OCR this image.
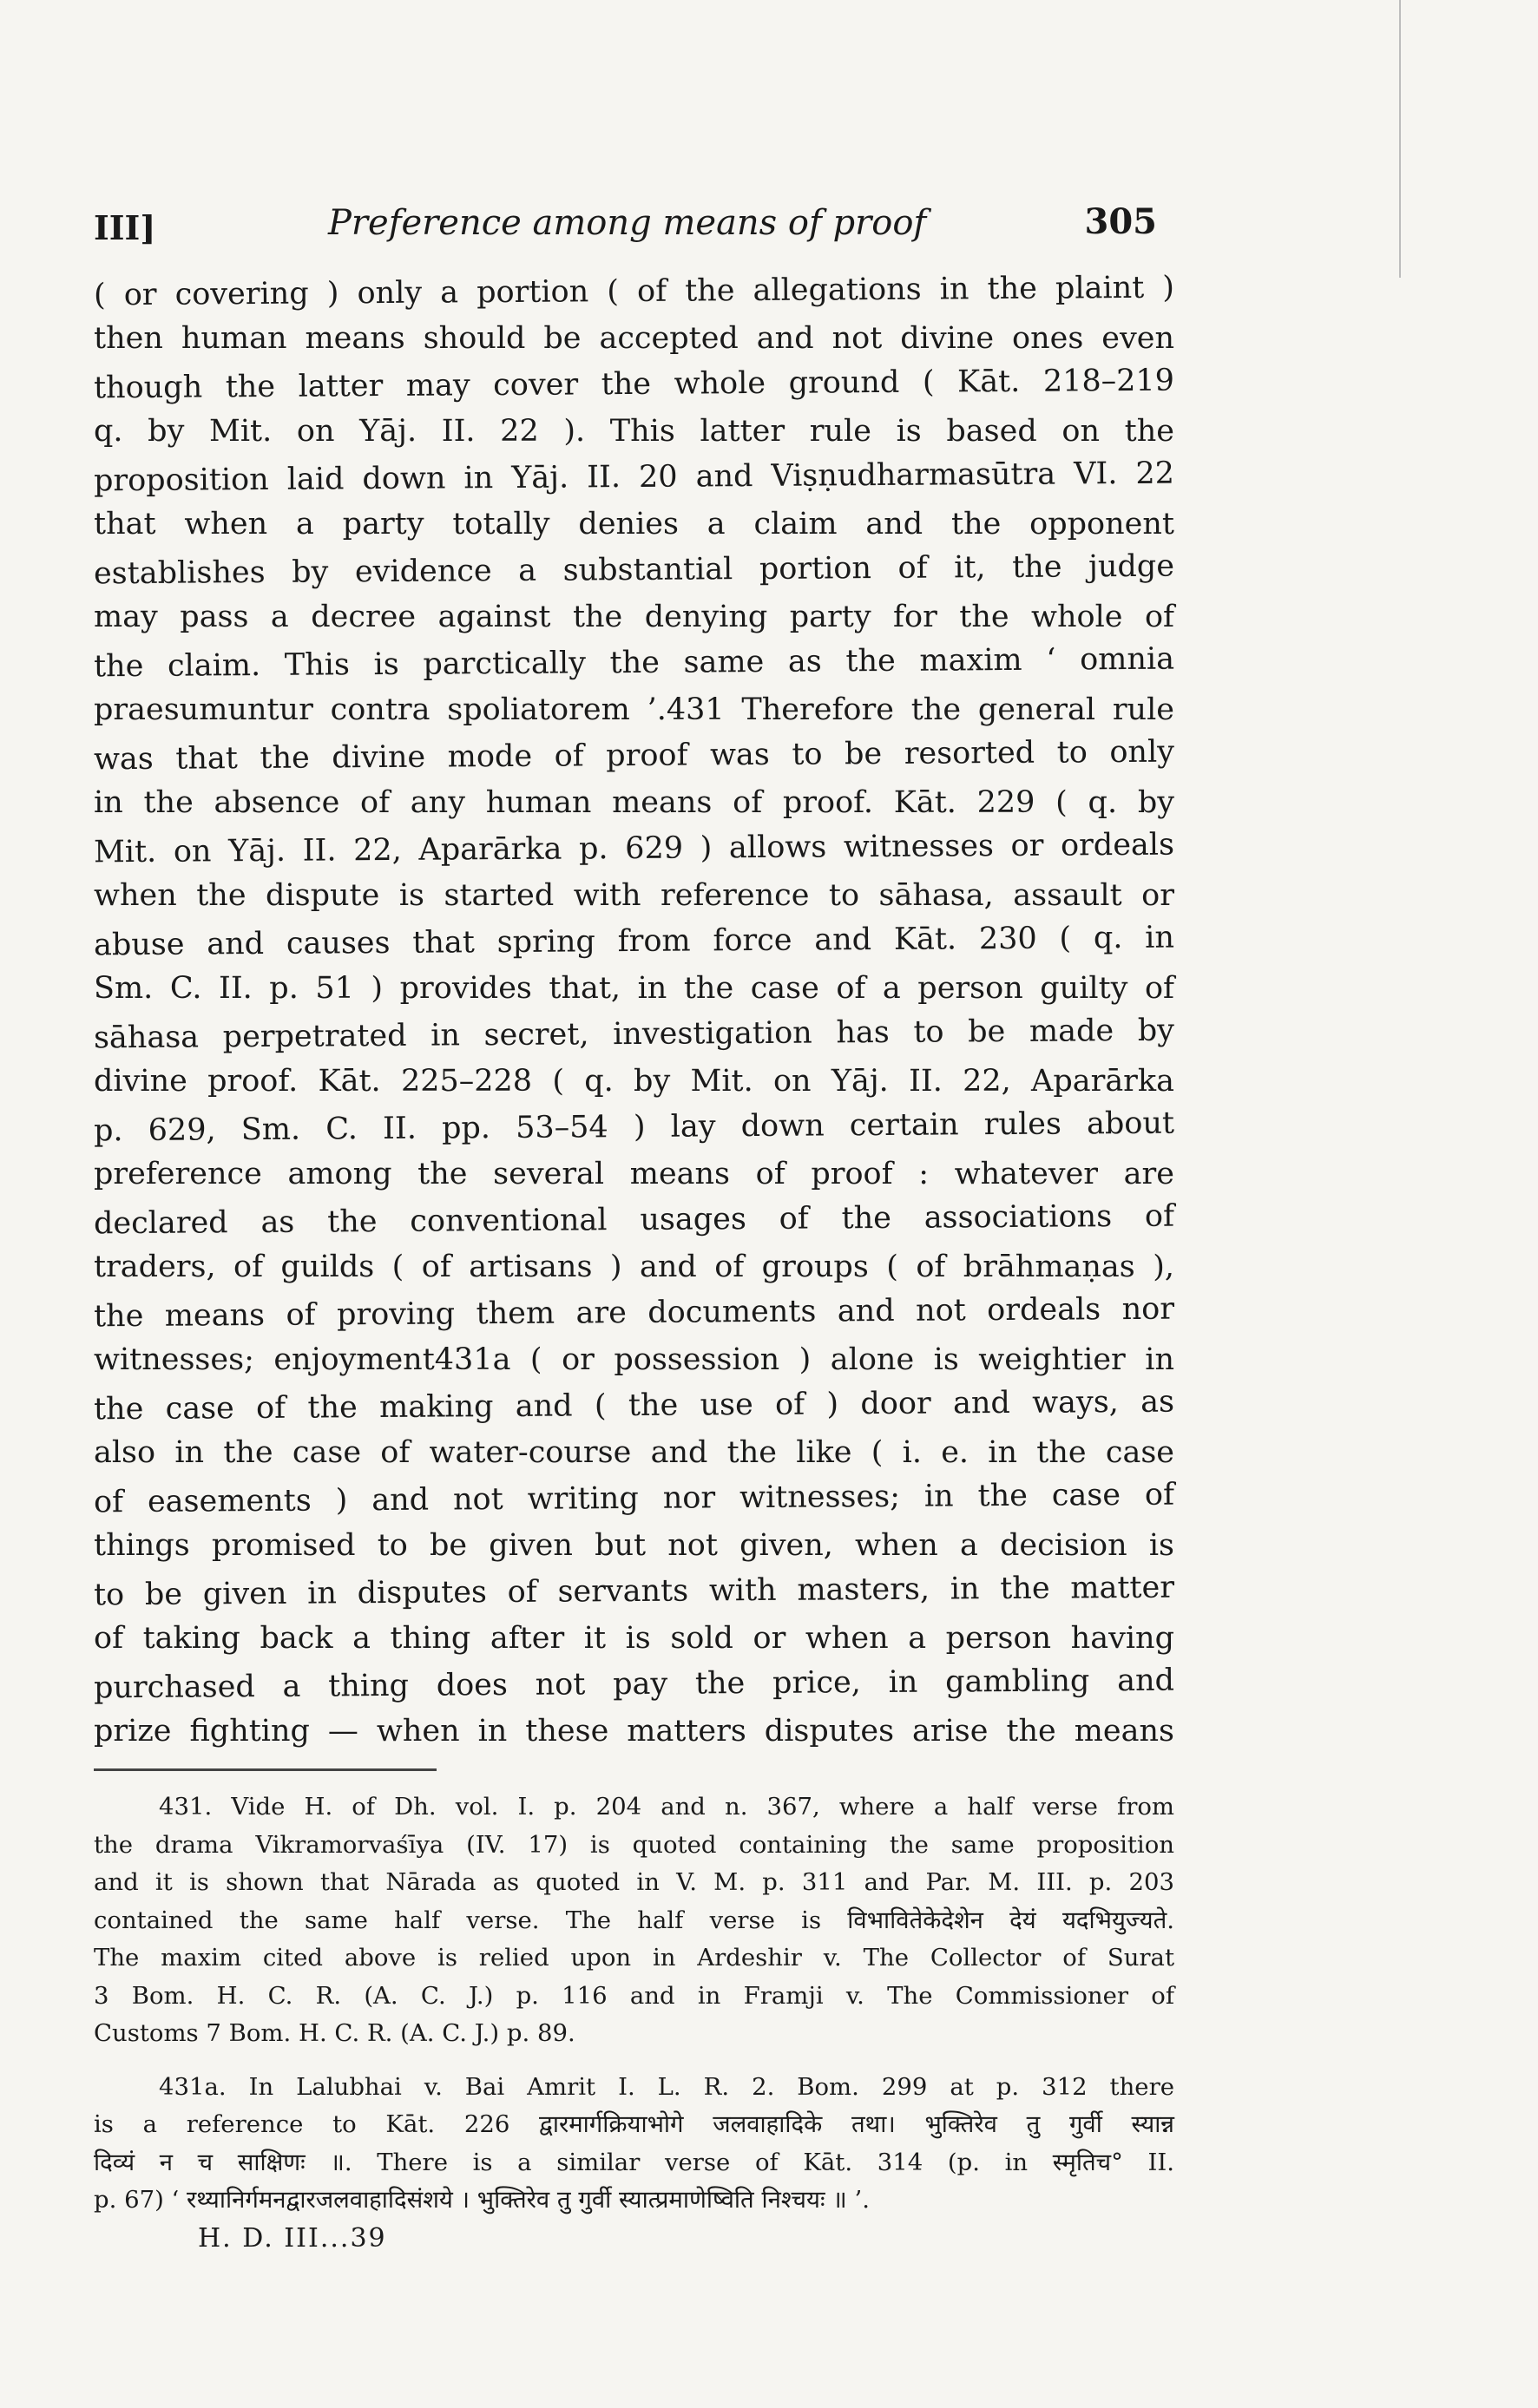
III]	Preference among means of proof	305
( or covering ) only a portion ( of the allegations in the plaint )
then human means should be accepted and not divine ones even
though the latter may cover the whole ground ( Kāt. 218–219
q. by Mit. on Yāj. II. 22 ). This latter rule is based on the
proposition laid down in Yāj. II. 20 and Viṣṇudharmasūtra VI. 22
that when a party totally denies a claim and the opponent
establishes by evidence a substantial portion of it, the judge
may pass a decree against the denying party for the whole of
the claim. This is parctically the same as the maxim ‘ omnia
praesumuntur contra spoliatorem ’.431 Therefore the general rule
was that the divine mode of proof was to be resorted to only
in the absence of any human means of proof. Kāt. 229 ( q. by
Mit. on Yāj. II. 22, Aparārka p. 629 ) allows witnesses or ordeals
when the dispute is started with reference to sāhasa, assault or
abuse and causes that spring from force and Kāt. 230 ( q. in
Sm. C. II. p. 51 ) provides that, in the case of a person guilty of
sāhasa perpetrated in secret, investigation has to be made by
divine proof. Kāt. 225–228 ( q. by Mit. on Yāj. II. 22, Aparārka
p. 629, Sm. C. II. pp. 53–54 ) lay down certain rules about
preference among the several means of proof : whatever are
declared as the conventional usages of the associations of
traders, of guilds ( of artisans ) and of groups ( of brāhmaṇas ),
the means of proving them are documents and not ordeals nor
witnesses; enjoyment431a ( or possession ) alone is weightier in
the case of the making and ( the use of ) door and ways, as
also in the case of water-course and the like ( i. e. in the case
of easements ) and not writing nor witnesses; in the case of
things promised to be given but not given, when a decision is
to be given in disputes of servants with masters, in the matter
of taking back a thing after it is sold or when a person having
purchased a thing does not pay the price, in gambling and
prize fighting — when in these matters disputes arise the means
431. Vide H. of Dh. vol. I. p. 204 and n. 367, where a half verse from
the drama Vikramorvaśīya (IV. 17) is quoted containing the same proposition
and it is shown that Nārada as quoted in V. M. p. 311 and Par. M. III. p. 203
contained the same half verse. The half verse is विभाविते‍केदेशेन देयं यदभियुज्यते.
The maxim cited above is relied upon in Ardeshir v. The Collector of Surat
3 Bom. H. C. R. (A. C. J.) p. 116 and in Framji v. The Commissioner of
Customs 7 Bom. H. C. R. (A. C. J.) p. 89.
431a. In Lalubhai v. Bai Amrit I. L. R. 2. Bom. 299 at p. 312 there
is a reference to Kāt. 226 द्वारमार्गक्रियाभोगे जलवाहादिके तथा। भुक्तिरेव तु गुर्वी स्यान्न
दिव्यं न च साक्षिणः ॥. There is a similar verse of Kāt. 314 (p. in स्मृतिच° II.
p. 67) ‘ रथ्यानिर्गमनद्वारजलवाहादिसंशये । भुक्तिरेव तु गुर्वी स्यात्प्रमाणेष्विति निश्चयः ॥ ’.
H. D. III...39
